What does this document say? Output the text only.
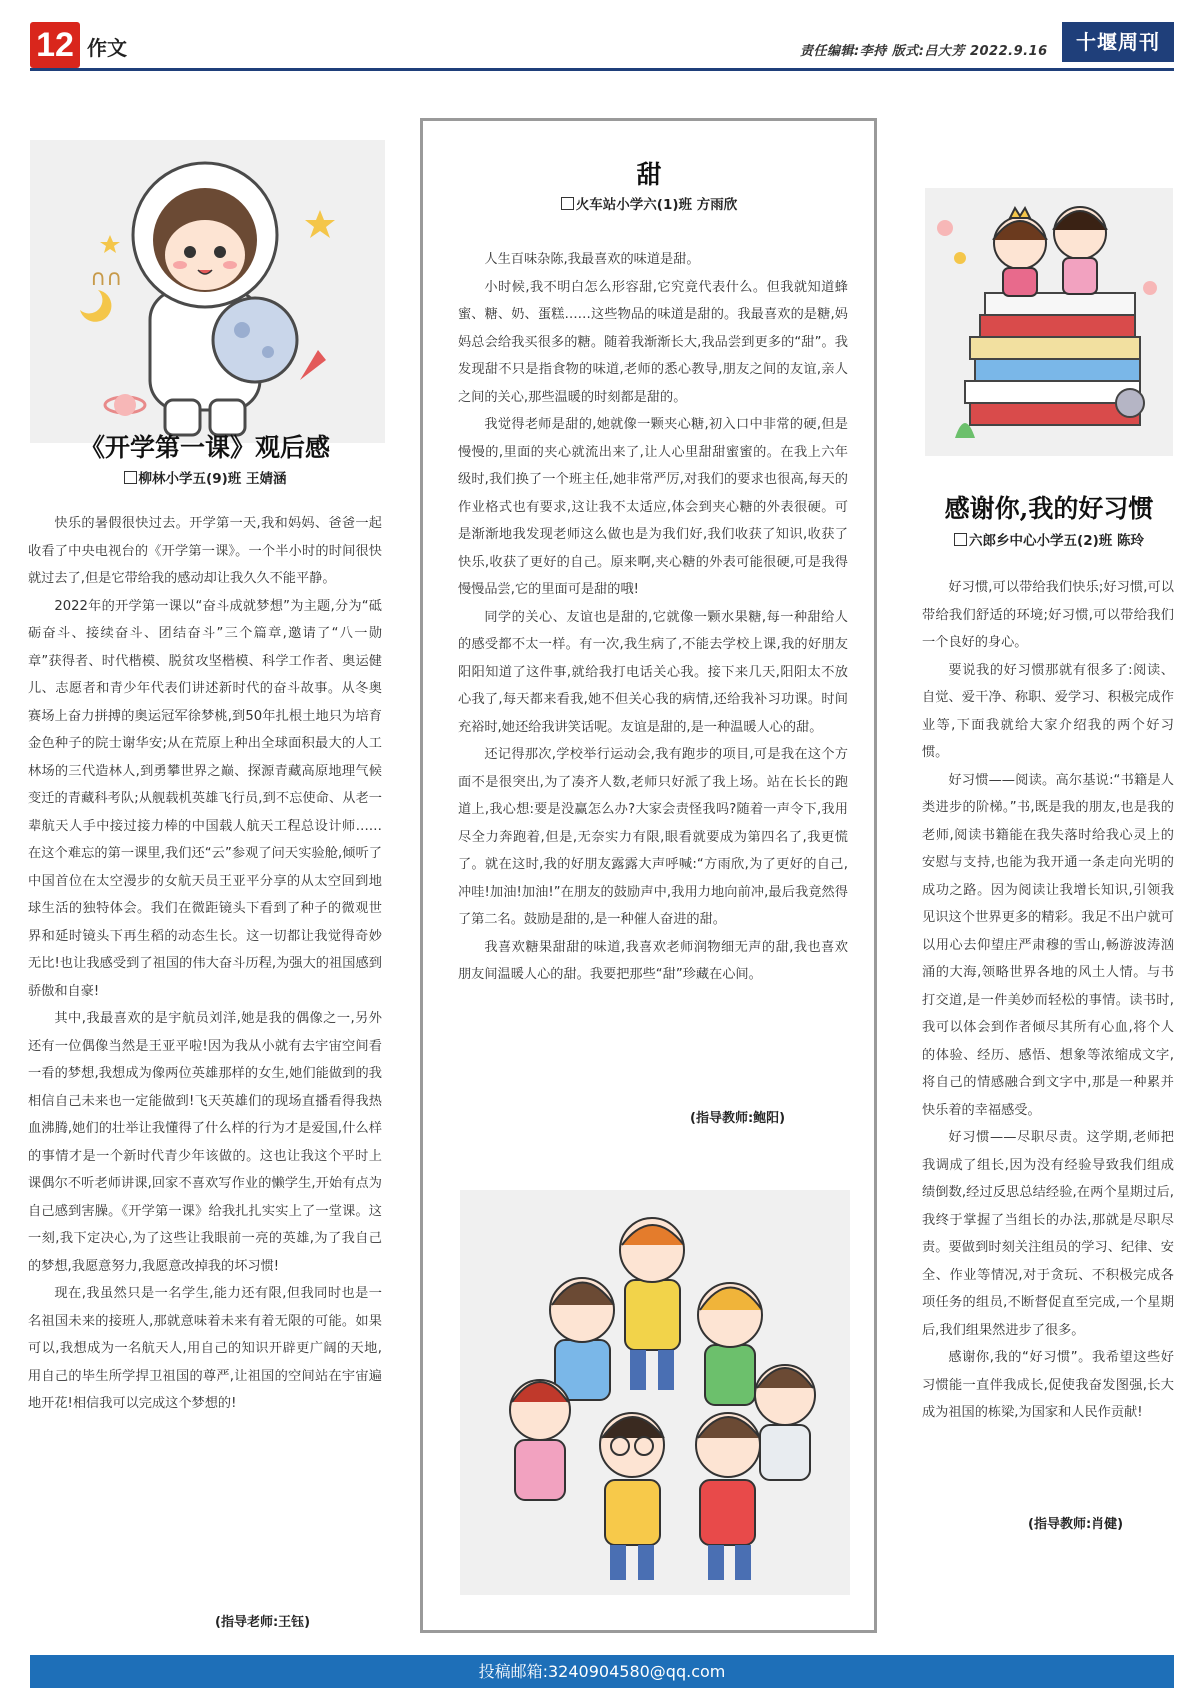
12 作文	责任编辑:李持 版式:吕大芳 2022.9.16	十堰周刊
∩∩
《开学第一课》观后感
柳林小学五(9)班 王婧涵

快乐的暑假很快过去。开学第一天,我和妈妈、爸爸一起收看了中央电视台的《开学第一课》。一个半小时的时间很快就过去了,但是它带给我的感动却让我久久不能平静。

2022年的开学第一课以“奋斗成就梦想”为主题,分为“砥砺奋斗、接续奋斗、团结奋斗”三个篇章,邀请了“八一勋章”获得者、时代楷模、脱贫攻坚楷模、科学工作者、奥运健儿、志愿者和青少年代表们讲述新时代的奋斗故事。从冬奥赛场上奋力拼搏的奥运冠军徐梦桃,到50年扎根土地只为培育金色种子的院士谢华安;从在荒原上种出全球面积最大的人工林场的三代造林人,到勇攀世界之巅、探源青藏高原地理气候变迁的青藏科考队;从舰载机英雄飞行员,到不忘使命、从老一辈航天人手中接过接力棒的中国载人航天工程总设计师……在这个难忘的第一课里,我们还“云”参观了问天实验舱,倾听了中国首位在太空漫步的女航天员王亚平分享的从太空回到地球生活的独特体会。我们在微距镜头下看到了种子的微观世界和延时镜头下再生稻的动态生长。这一切都让我觉得奇妙无比!也让我感受到了祖国的伟大奋斗历程,为强大的祖国感到骄傲和自豪!

其中,我最喜欢的是宇航员刘洋,她是我的偶像之一,另外还有一位偶像当然是王亚平啦!因为我从小就有去宇宙空间看一看的梦想,我想成为像两位英雄那样的女生,她们能做到的我相信自己未来也一定能做到!飞天英雄们的现场直播看得我热血沸腾,她们的壮举让我懂得了什么样的行为才是爱国,什么样的事情才是一个新时代青少年该做的。这也让我这个平时上课偶尔不听老师讲课,回家不喜欢写作业的懒学生,开始有点为自己感到害臊。《开学第一课》给我扎扎实实上了一堂课。这一刻,我下定决心,为了这些让我眼前一亮的英雄,为了我自己的梦想,我愿意努力,我愿意改掉我的坏习惯!

现在,我虽然只是一名学生,能力还有限,但我同时也是一名祖国未来的接班人,那就意味着未来有着无限的可能。如果可以,我想成为一名航天人,用自己的知识开辟更广阔的天地,用自己的毕生所学捍卫祖国的尊严,让祖国的空间站在宇宙遍地开花!相信我可以完成这个梦想的!

(指导老师:王钰)
甜
火车站小学六(1)班 方雨欣

人生百味杂陈,我最喜欢的味道是甜。

小时候,我不明白怎么形容甜,它究竟代表什么。但我就知道蜂蜜、糖、奶、蛋糕……这些物品的味道是甜的。我最喜欢的是糖,妈妈总会给我买很多的糖。随着我渐渐长大,我品尝到更多的“甜”。我发现甜不只是指食物的味道,老师的悉心教导,朋友之间的友谊,亲人之间的关心,那些温暖的时刻都是甜的。

我觉得老师是甜的,她就像一颗夹心糖,初入口中非常的硬,但是慢慢的,里面的夹心就流出来了,让人心里甜甜蜜蜜的。在我上六年级时,我们换了一个班主任,她非常严厉,对我们的要求也很高,每天的作业格式也有要求,这让我不太适应,体会到夹心糖的外表很硬。可是渐渐地我发现老师这么做也是为我们好,我们收获了知识,收获了快乐,收获了更好的自己。原来啊,夹心糖的外表可能很硬,可是我得慢慢品尝,它的里面可是甜的哦!

同学的关心、友谊也是甜的,它就像一颗水果糖,每一种甜给人的感受都不太一样。有一次,我生病了,不能去学校上课,我的好朋友阳阳知道了这件事,就给我打电话关心我。接下来几天,阳阳太不放心我了,每天都来看我,她不但关心我的病情,还给我补习功课。时间充裕时,她还给我讲笑话呢。友谊是甜的,是一种温暖人心的甜。

还记得那次,学校举行运动会,我有跑步的项目,可是我在这个方面不是很突出,为了凑齐人数,老师只好派了我上场。站在长长的跑道上,我心想:要是没赢怎么办?大家会责怪我吗?随着一声令下,我用尽全力奔跑着,但是,无奈实力有限,眼看就要成为第四名了,我更慌了。就在这时,我的好朋友露露大声呼喊:“方雨欣,为了更好的自己,冲哇!加油!加油!”在朋友的鼓励声中,我用力地向前冲,最后我竟然得了第二名。鼓励是甜的,是一种催人奋进的甜。

我喜欢糖果甜甜的味道,我喜欢老师润物细无声的甜,我也喜欢朋友间温暖人心的甜。我要把那些“甜”珍藏在心间。

(指导教师:鲍阳)
感谢你,我的好习惯
六郎乡中心小学五(2)班 陈玲

好习惯,可以带给我们快乐;好习惯,可以带给我们舒适的环境;好习惯,可以带给我们一个良好的身心。

要说我的好习惯那就有很多了:阅读、自觉、爱干净、称职、爱学习、积极完成作业等,下面我就给大家介绍我的两个好习惯。

好习惯——阅读。高尔基说:“书籍是人类进步的阶梯。”书,既是我的朋友,也是我的老师,阅读书籍能在我失落时给我心灵上的安慰与支持,也能为我开通一条走向光明的成功之路。因为阅读让我增长知识,引领我见识这个世界更多的精彩。我足不出户就可以用心去仰望庄严肃穆的雪山,畅游波涛汹涌的大海,领略世界各地的风土人情。与书打交道,是一件美妙而轻松的事情。读书时,我可以体会到作者倾尽其所有心血,将个人的体验、经历、感悟、想象等浓缩成文字,将自己的情感融合到文字中,那是一种累并快乐着的幸福感受。

好习惯——尽职尽责。这学期,老师把我调成了组长,因为没有经验导致我们组成绩倒数,经过反思总结经验,在两个星期过后,我终于掌握了当组长的办法,那就是尽职尽责。要做到时刻关注组员的学习、纪律、安全、作业等情况,对于贪玩、不积极完成各项任务的组员,不断督促直至完成,一个星期后,我们组果然进步了很多。

感谢你,我的“好习惯”。我希望这些好习惯能一直伴我成长,促使我奋发图强,长大成为祖国的栋梁,为国家和人民作贡献!

(指导教师:肖健)
投稿邮箱:3240904580@qq.com
